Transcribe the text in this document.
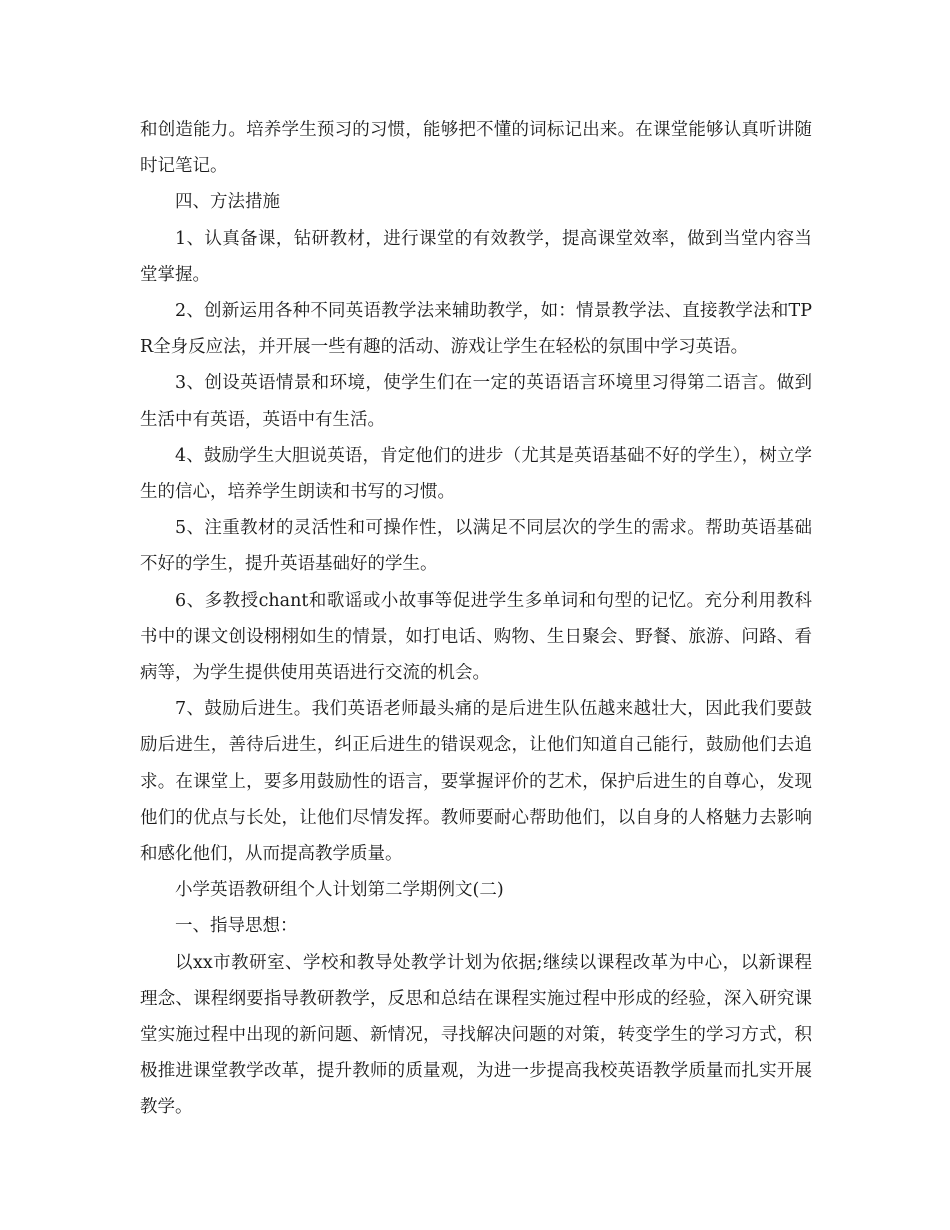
和创造能力。培养学生预习的习惯，能够把不懂的词标记出来。在课堂能够认真听讲随时记笔记。

四、方法措施

1、认真备课，钻研教材，进行课堂的有效教学，提高课堂效率，做到当堂内容当堂掌握。

2、创新运用各种不同英语教学法来辅助教学，如：情景教学法、直接教学法和TPR全身反应法，并开展一些有趣的活动、游戏让学生在轻松的氛围中学习英语。

3、创设英语情景和环境，使学生们在一定的英语语言环境里习得第二语言。做到生活中有英语，英语中有生活。

4、鼓励学生大胆说英语，肯定他们的进步（尤其是英语基础不好的学生），树立学生的信心，培养学生朗读和书写的习惯。

5、注重教材的灵活性和可操作性，以满足不同层次的学生的需求。帮助英语基础不好的学生，提升英语基础好的学生。

6、多教授chant和歌谣或小故事等促进学生多单词和句型的记忆。充分利用教科书中的课文创设栩栩如生的情景，如打电话、购物、生日聚会、野餐、旅游、问路、看病等，为学生提供使用英语进行交流的机会。

7、鼓励后进生。我们英语老师最头痛的是后进生队伍越来越壮大，因此我们要鼓励后进生，善待后进生，纠正后进生的错误观念，让他们知道自己能行，鼓励他们去追求。在课堂上，要多用鼓励性的语言，要掌握评价的艺术，保护后进生的自尊心，发现他们的优点与长处，让他们尽情发挥。教师要耐心帮助他们，以自身的人格魅力去影响和感化他们，从而提高教学质量。

小学英语教研组个人计划第二学期例文(二)

一、指导思想：

以xx市教研室、学校和教导处教学计划为依据;继续以课程改革为中心，以新课程理念、课程纲要指导教研教学，反思和总结在课程实施过程中形成的经验，深入研究课堂实施过程中出现的新问题、新情况，寻找解决问题的对策，转变学生的学习方式，积极推进课堂教学改革，提升教师的质量观，为进一步提高我校英语教学质量而扎实开展教学。
